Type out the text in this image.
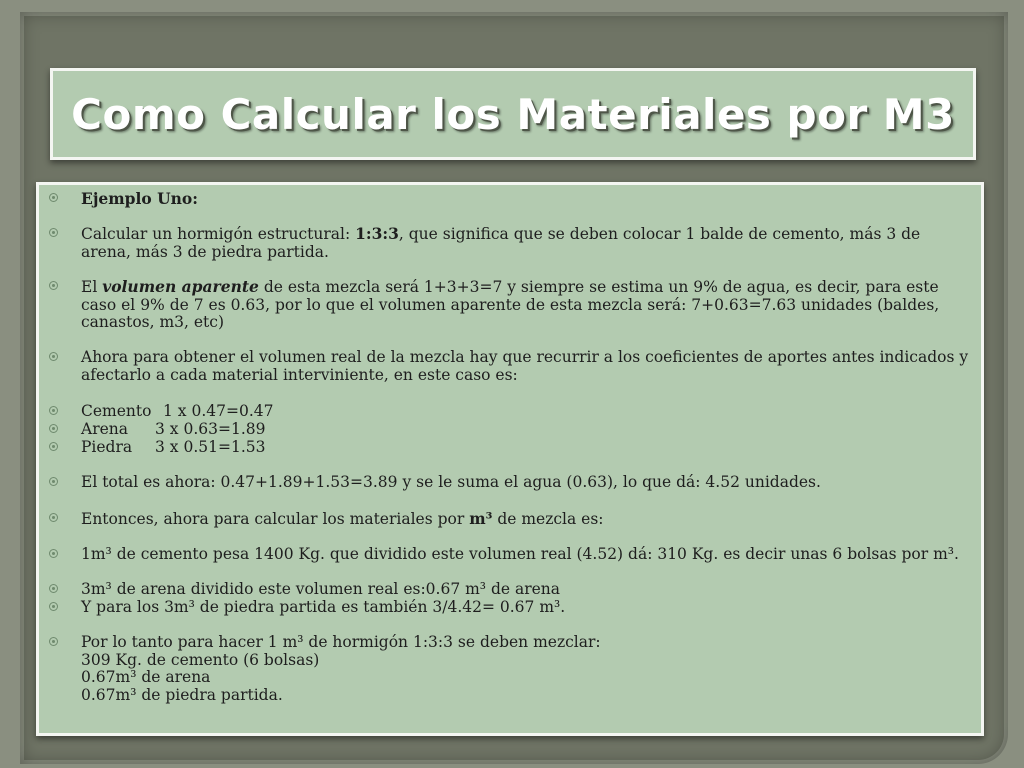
Como Calcular los Materiales por M3
Ejemplo Uno:
Calcular un hormigón estructural: 1:3:3, que significa que se deben colocar 1 balde de cemento, más 3 de arena, más 3 de piedra partida.
El volumen aparente de esta mezcla será 1+3+3=7 y siempre se estima un 9% de agua, es decir, para este caso el 9% de 7 es 0.63, por lo que el volumen aparente de esta mezcla será: 7+0.63=7.63 unidades (baldes, canastos, m3, etc)
Ahora para obtener el volumen real de la mezcla hay que recurrir a los coeficientes de aportes antes indicados y afectarlo a cada material interviniente, en este caso es:
Cemento 1 x 0.47=0.47
Arena 3 x 0.63=1.89
Piedra 3 x 0.51=1.53
El total es ahora: 0.47+1.89+1.53=3.89 y se le suma el agua (0.63), lo que dá: 4.52 unidades.
Entonces, ahora para calcular los materiales por m³ de mezcla es:
1m³ de cemento pesa 1400 Kg. que dividido este volumen real (4.52) dá: 310 Kg. es decir unas 6 bolsas por m³.
3m³ de arena dividido este volumen real es:0.67 m³ de arena
Y para los 3m³ de piedra partida es también 3/4.42= 0.67 m³.
Por lo tanto para hacer 1 m³ de hormigón 1:3:3 se deben mezclar:
309 Kg. de cemento (6 bolsas)
0.67m³ de arena
0.67m³ de piedra partida.
